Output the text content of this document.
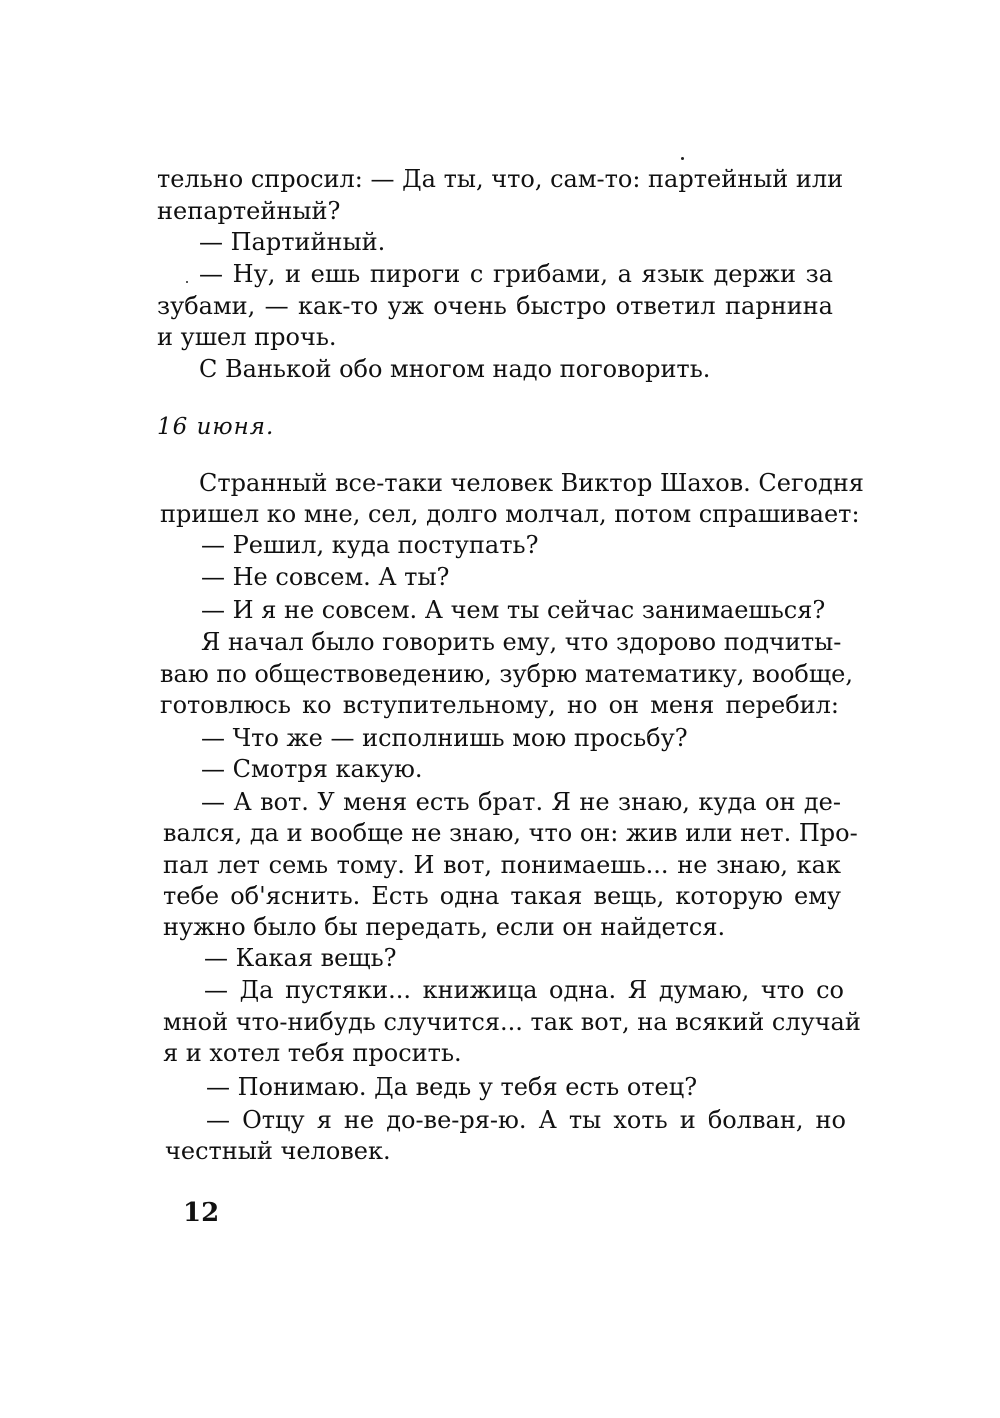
тельно спросил: — Да ты, что, сам-то: партейный или
непартейный?
— Партийный.
— Ну, и ешь пироги с грибами, а язык держи за
зубами, — как-то уж очень быстро ответил парнина
и ушел прочь.
С Ванькой обо многом надо поговорить.
16 июня.
Странный все-таки человек Виктор Шахов. Сегодня
пришел ко мне, сел, долго молчал, потом спрашивает:
— Решил, куда поступать?
— Не совсем. А ты?
— И я не совсем. А чем ты сейчас занимаешься?
Я начал было говорить ему, что здорово подчиты-
ваю по обществоведению, зубрю математику, вообще,
готовлюсь ко вступительному, но он меня перебил:
— Что же — исполнишь мою просьбу?
— Смотря какую.
— А вот. У меня есть брат. Я не знаю, куда он де-
вался, да и вообще не знаю, что он: жив или нет. Про-
пал лет семь тому. И вот, понимаешь... не знаю, как
тебе об'яснить. Есть одна такая вещь, которую ему
нужно было бы передать, если он найдется.
— Какая вещь?
— Да пустяки... книжица одна. Я думаю, что со
мной что-нибудь случится... так вот, на всякий случай
я и хотел тебя просить.
— Понимаю. Да ведь у тебя есть отец?
— Отцу я не до-ве-ря-ю. А ты хоть и болван, но
честный человек.
12
